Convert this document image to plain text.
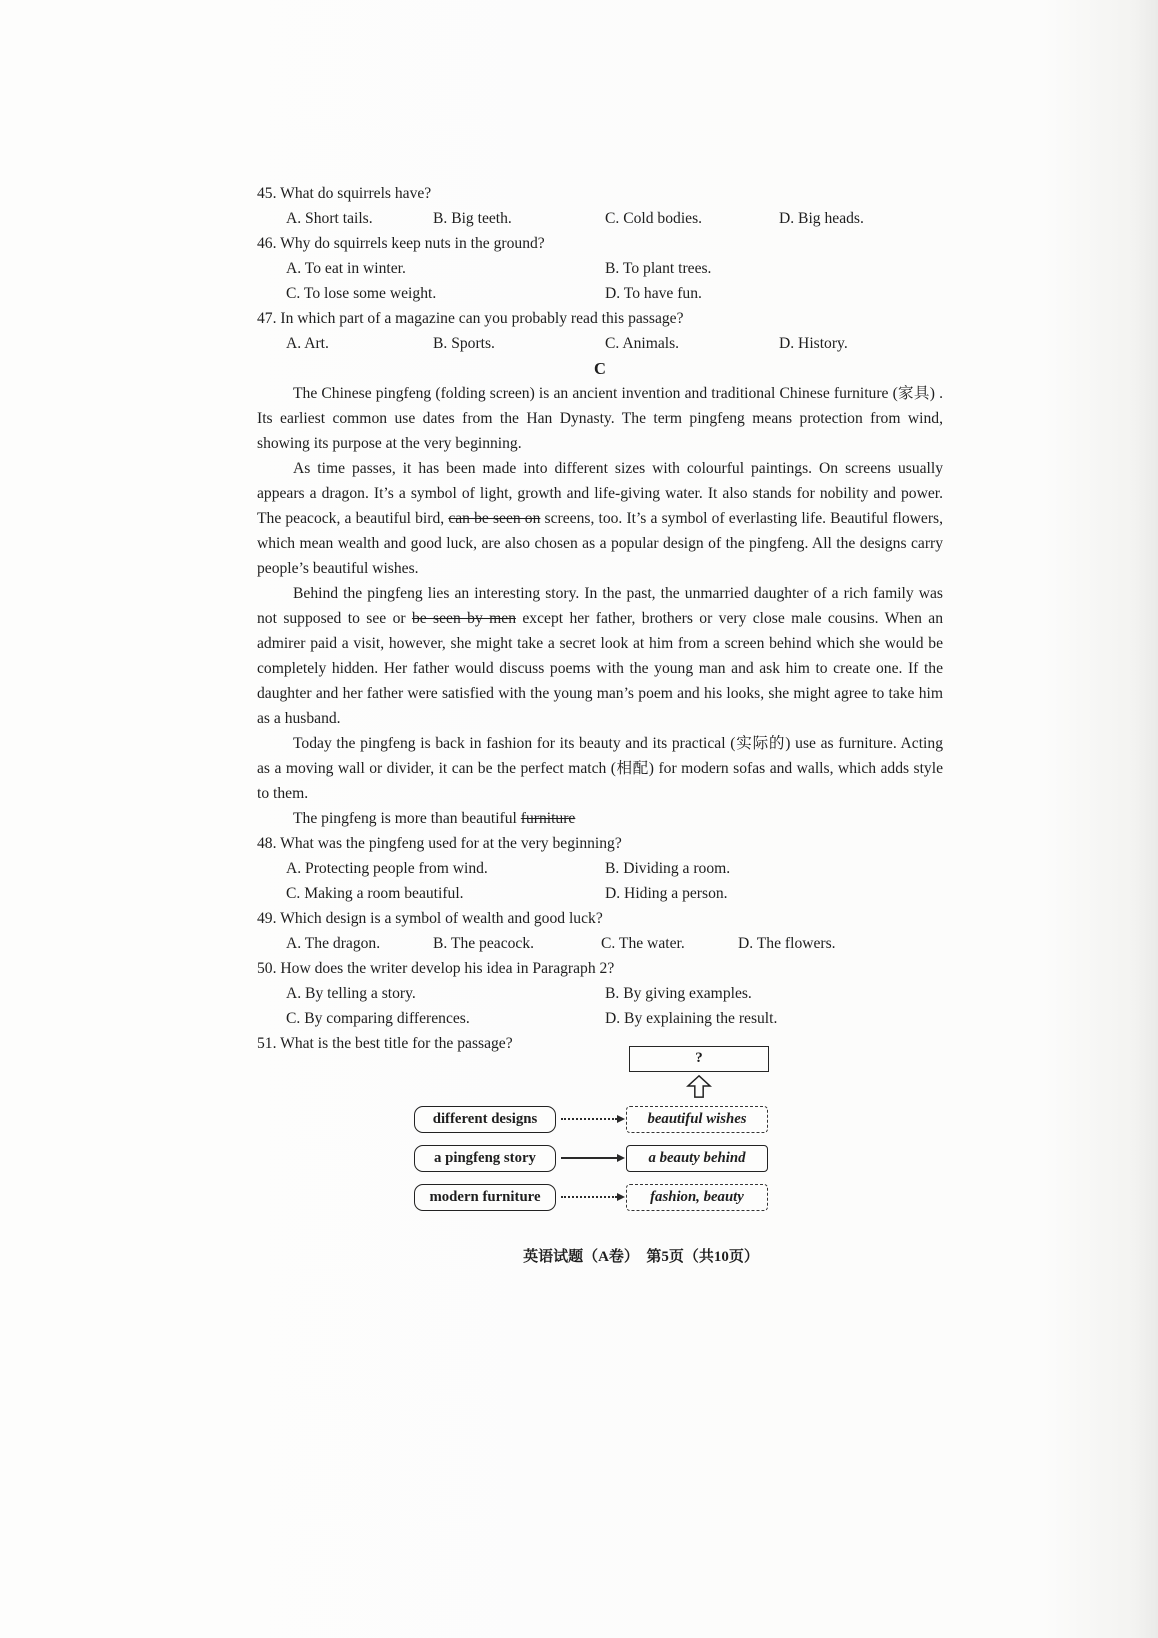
45. What do squirrels have?
A. Short tails.	B. Big teeth.	C. Cold bodies.	D. Big heads.
46. Why do squirrels keep nuts in the ground?
A. To eat in winter.	B. To plant trees.
C. To lose some weight.	D. To have fun.
47. In which part of a magazine can you probably read this passage?
A. Art.	B. Sports.	C. Animals.	D. History.
C

The Chinese pingfeng (folding screen) is an ancient invention and traditional Chinese furniture (家具) . Its earliest common use dates from the Han Dynasty. The term pingfeng means protection from wind, showing its purpose at the very beginning.

As time passes, it has been made into different sizes with colourful paintings. On screens usually appears a dragon. It’s a symbol of light, growth and life-giving water. It also stands for nobility and power. The peacock, a beautiful bird, can be seen on screens, too. It’s a symbol of everlasting life. Beautiful flowers, which mean wealth and good luck, are also chosen as a popular design of the pingfeng. All the designs carry people’s beautiful wishes.

Behind the pingfeng lies an interesting story. In the past, the unmarried daughter of a rich family was not supposed to see or be seen by men except her father, brothers or very close male cousins. When an admirer paid a visit, however, she might take a secret look at him from a screen behind which she would be completely hidden. Her father would discuss poems with the young man and ask him to create one. If the daughter and her father were satisfied with the young man’s poem and his looks, she might agree to take him as a husband.

Today the pingfeng is back in fashion for its beauty and its practical (实际的) use as furniture. Acting as a moving wall or divider, it can be the perfect match (相配) for modern sofas and walls, which adds style to them.

The pingfeng is more than beautiful furniture

48. What was the pingfeng used for at the very beginning?
A. Protecting people from wind.	B. Dividing a room.
C. Making a room beautiful.	D. Hiding a person.
49. Which design is a symbol of wealth and good luck?
A. The dragon.	B. The peacock.	C. The water.	D. The flowers.
50. How does the writer develop his idea in Paragraph 2?
A. By telling a story.	B. By giving examples.
C. By comparing differences.	D. By explaining the result.
51. What is the best title for the passage?
?
different designs	beautiful wishes
a pingfeng story	a beauty behind
modern furniture	fashion, beauty
英语试题（A卷）　第5页（共10页）
